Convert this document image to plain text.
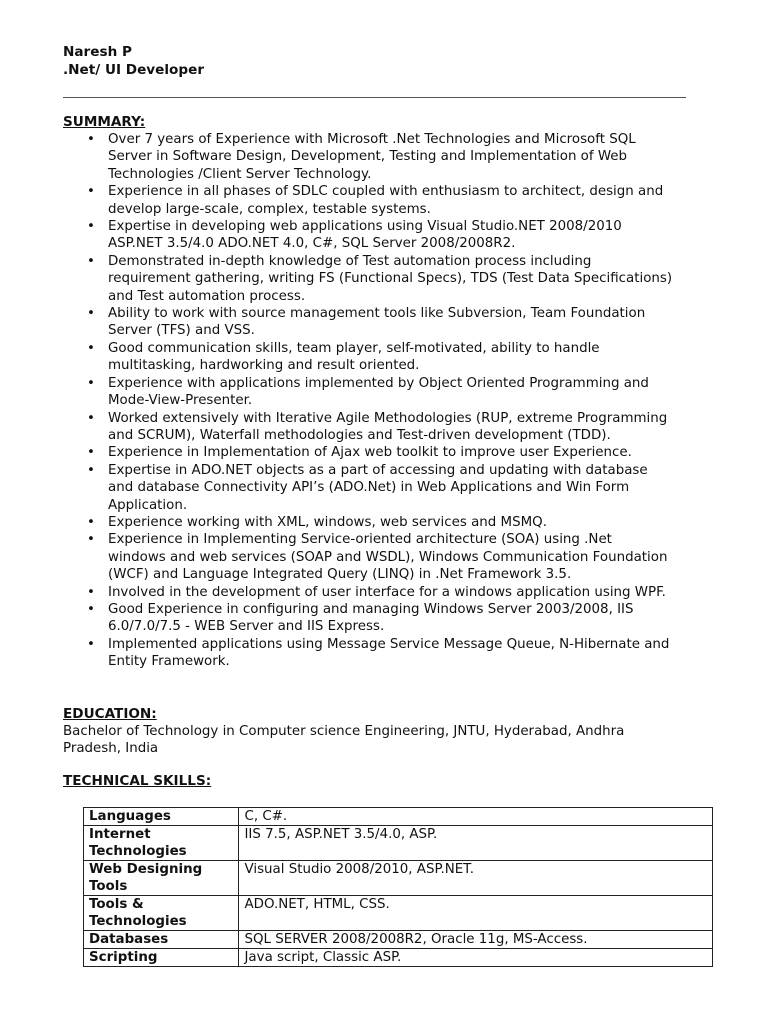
Naresh P
.Net/ UI Developer
SUMMARY:
• Over 7 years of Experience with Microsoft .Net Technologies and Microsoft SQL Server in Software Design, Development, Testing and Implementation of Web Technologies /Client Server Technology.
• Experience in all phases of SDLC coupled with enthusiasm to architect, design and develop large-scale, complex, testable systems.
• Expertise in developing web applications using Visual Studio.NET 2008/2010 ASP.NET 3.5/4.0 ADO.NET 4.0, C#, SQL Server 2008/2008R2.
• Demonstrated in-depth knowledge of Test automation process including requirement gathering, writing FS (Functional Specs), TDS (Test Data Specifications) and Test automation process.
• Ability to work with source management tools like Subversion, Team Foundation Server (TFS) and VSS.
• Good communication skills, team player, self-motivated, ability to handle multitasking, hardworking and result oriented.
• Experience with applications implemented by Object Oriented Programming and Mode-View-Presenter.
• Worked extensively with Iterative Agile Methodologies (RUP, extreme Programming and SCRUM), Waterfall methodologies and Test-driven development (TDD).
• Experience in Implementation of Ajax web toolkit to improve user Experience.
• Expertise in ADO.NET objects as a part of accessing and updating with database and database Connectivity API’s (ADO.Net) in Web Applications and Win Form Application.
• Experience working with XML, windows, web services and MSMQ.
• Experience in Implementing Service-oriented architecture (SOA) using .Net windows and web services (SOAP and WSDL), Windows Communication Foundation (WCF) and Language Integrated Query (LINQ) in .Net Framework 3.5.
• Involved in the development of user interface for a windows application using WPF.
• Good Experience in configuring and managing Windows Server 2003/2008, IIS 6.0/7.0/7.5 - WEB Server and IIS Express.
• Implemented applications using Message Service Message Queue, N-Hibernate and Entity Framework.
EDUCATION:
Bachelor of Technology in Computer science Engineering, JNTU, Hyderabad, Andhra Pradesh, India
TECHNICAL SKILLS:
Languages	C, C#.
Internet Technologies	IIS 7.5, ASP.NET 3.5/4.0, ASP.
Web Designing Tools	Visual Studio 2008/2010, ASP.NET.
Tools & Technologies	ADO.NET, HTML, CSS.
Databases	SQL SERVER 2008/2008R2, Oracle 11g, MS-Access.
Scripting	Java script, Classic ASP.
